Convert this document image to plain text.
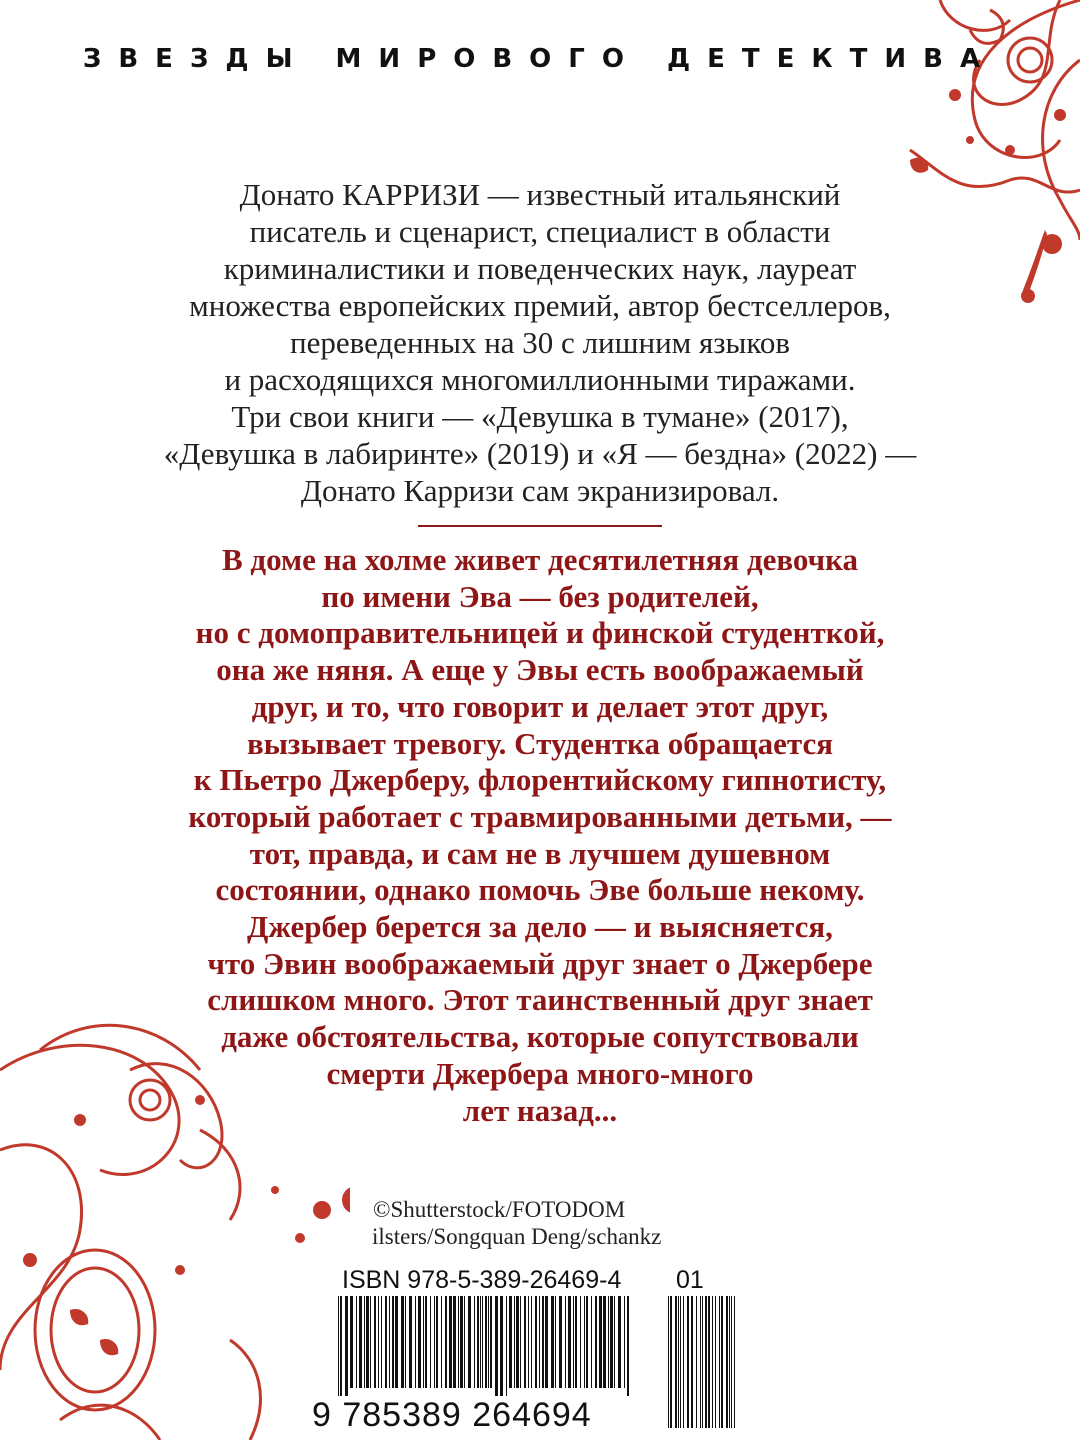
ЗВЕЗДЫ МИРОВОГО ДЕТЕКТИВА
Донато КАРРИЗИ — известный итальянский
писатель и сценарист, специалист в области
криминалистики и поведенческих наук, лауреат
множества европейских премий, автор бестселлеров,
переведенных на 30 с лишним языков
и расходящихся многомиллионными тиражами.
Три свои книги — «Девушка в тумане» (2017),
«Девушка в лабиринте» (2019) и «Я — бездна» (2022) —
Донато Карризи сам экранизировал.
В доме на холме живет десятилетняя девочка
по имени Эва — без родителей,
но с домоправительницей и финской студенткой,
она же няня. А еще у Эвы есть воображаемый
друг, и то, что говорит и делает этот друг,
вызывает тревогу. Студентка обращается
к Пьетро Джерберу, флорентийскому гипнотисту,
который работает с травмированными детьми, —
тот, правда, и сам не в лучшем душевном
состоянии, однако помочь Эве больше некому.
Джербер берется за дело — и выясняется,
что Эвин воображаемый друг знает о Джербере
слишком много. Этот таинственный друг знает
даже обстоятельства, которые сопутствовали
смерти Джербера много-много
лет назад...
©Shutterstock/FOTODOM
ilsters/Songquan Deng/schankz
ISBN 978-5-389-26469-4 01
9 785389 264694
